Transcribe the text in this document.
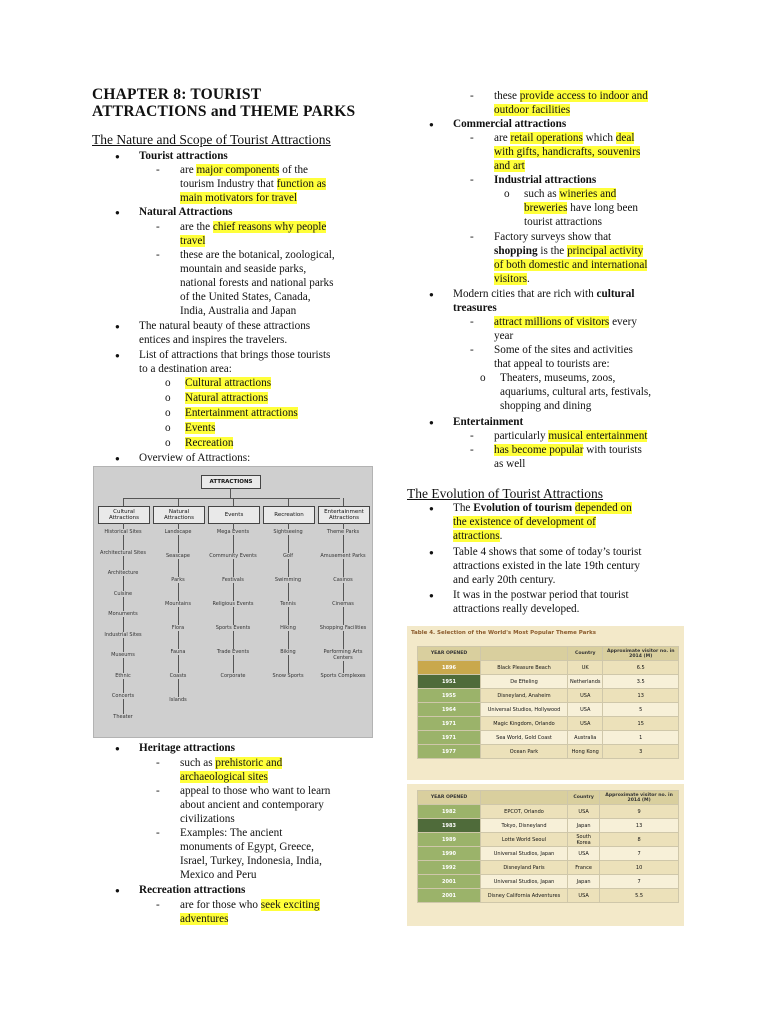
CHAPTER 8: TOURIST
ATTRACTIONS and THEME PARKS
The Nature and Scope of Tourist Attractions
● Tourist attractions
- are major components of the
tourism Industry that function as
main motivators for travel
● Natural Attractions
- are the chief reasons why people
travel
- these are the botanical, zoological,
mountain and seaside parks,
national forests and national parks
of the United States, Canada,
India, Australia and Japan
● The natural beauty of these attractions
entices and inspires the travelers.
● List of attractions that brings those tourists
to a destination area:
o Cultural attractions
o Natural attractions
o Entertainment attractions
o Events
o Recreation
● Overview of Attractions:
ATTRACTIONS
Cultural
Attractions
Historical Sites
Architectural Sites
Architecture
Cuisine
Monuments
Industrial Sites
Museums
Ethnic
Concerts
Theater
Natural
Attractions
Landscape
Seascape
Parks
Mountains
Flora
Fauna
Coasts
Islands
Events
Mega Events
Community Events
Festivals
Religious Events
Sports Events
Trade Events
Corporate
Recreation
Sightseeing
Golf
Swimming
Tennis
Hiking
Biking
Snow Sports
Entertainment
Attractions
Theme Parks
Amusement Parks
Casinos
Cinemas
Shopping Facilities
Performing Arts Centers
Sports Complexes
● Heritage attractions
- such as prehistoric and
archaeological sites
- appeal to those who want to learn
about ancient and contemporary
civilizations
- Examples: The ancient
monuments of Egypt, Greece,
Israel, Turkey, Indonesia, India,
Mexico and Peru
● Recreation attractions
- are for those who seek exciting
adventures
- these provide access to indoor and
outdoor facilities
● Commercial attractions
- are retail operations which deal
with gifts, handicrafts, souvenirs
and art
- Industrial attractions
o such as wineries and
breweries have long been
tourist attractions
- Factory surveys show that
shopping is the principal activity
of both domestic and international
visitors.
● Modern cities that are rich with cultural
treasures
- attract millions of visitors every
year
- Some of the sites and activities
that appeal to tourists are:
o Theaters, museums, zoos,
aquariums, cultural arts, festivals,
shopping and dining
● Entertainment
- particularly musical entertainment
- has become popular with tourists
as well
The Evolution of Tourist Attractions
● The Evolution of tourism depended on
the existence of development of
attractions.
● Table 4 shows that some of today’s tourist
attractions existed in the late 19th century
and early 20th century.
● It was in the postwar period that tourist
attractions really developed.
Table 4. Selection of the World's Most Popular Theme Parks
YEAR OPENED		Country	Approximate visitor no. in 2014 (M)
1896	Black Pleasure Beach	UK	6.5
1951	De Efteling	Netherlands	3.5
1955	Disneyland, Anaheim	USA	13
1964	Universal Studios, Hollywood	USA	5
1971	Magic Kingdom, Orlando	USA	15
1971	Sea World, Gold Coast	Australia	1
1977	Ocean Park	Hong Kong	3
YEAR OPENED		Country	Approximate visitor no. in 2014 (M)
1982	EPCOT, Orlando	USA	9
1983	Tokyo, Disneyland	Japan	13
1989	Lotte World Seoul	South Korea	8
1990	Universal Studios, Japan	USA	7
1992	Disneyland Paris	France	10
2001	Universal Studios, Japan	Japan	7
2001	Disney California Adventures	USA	5.5
